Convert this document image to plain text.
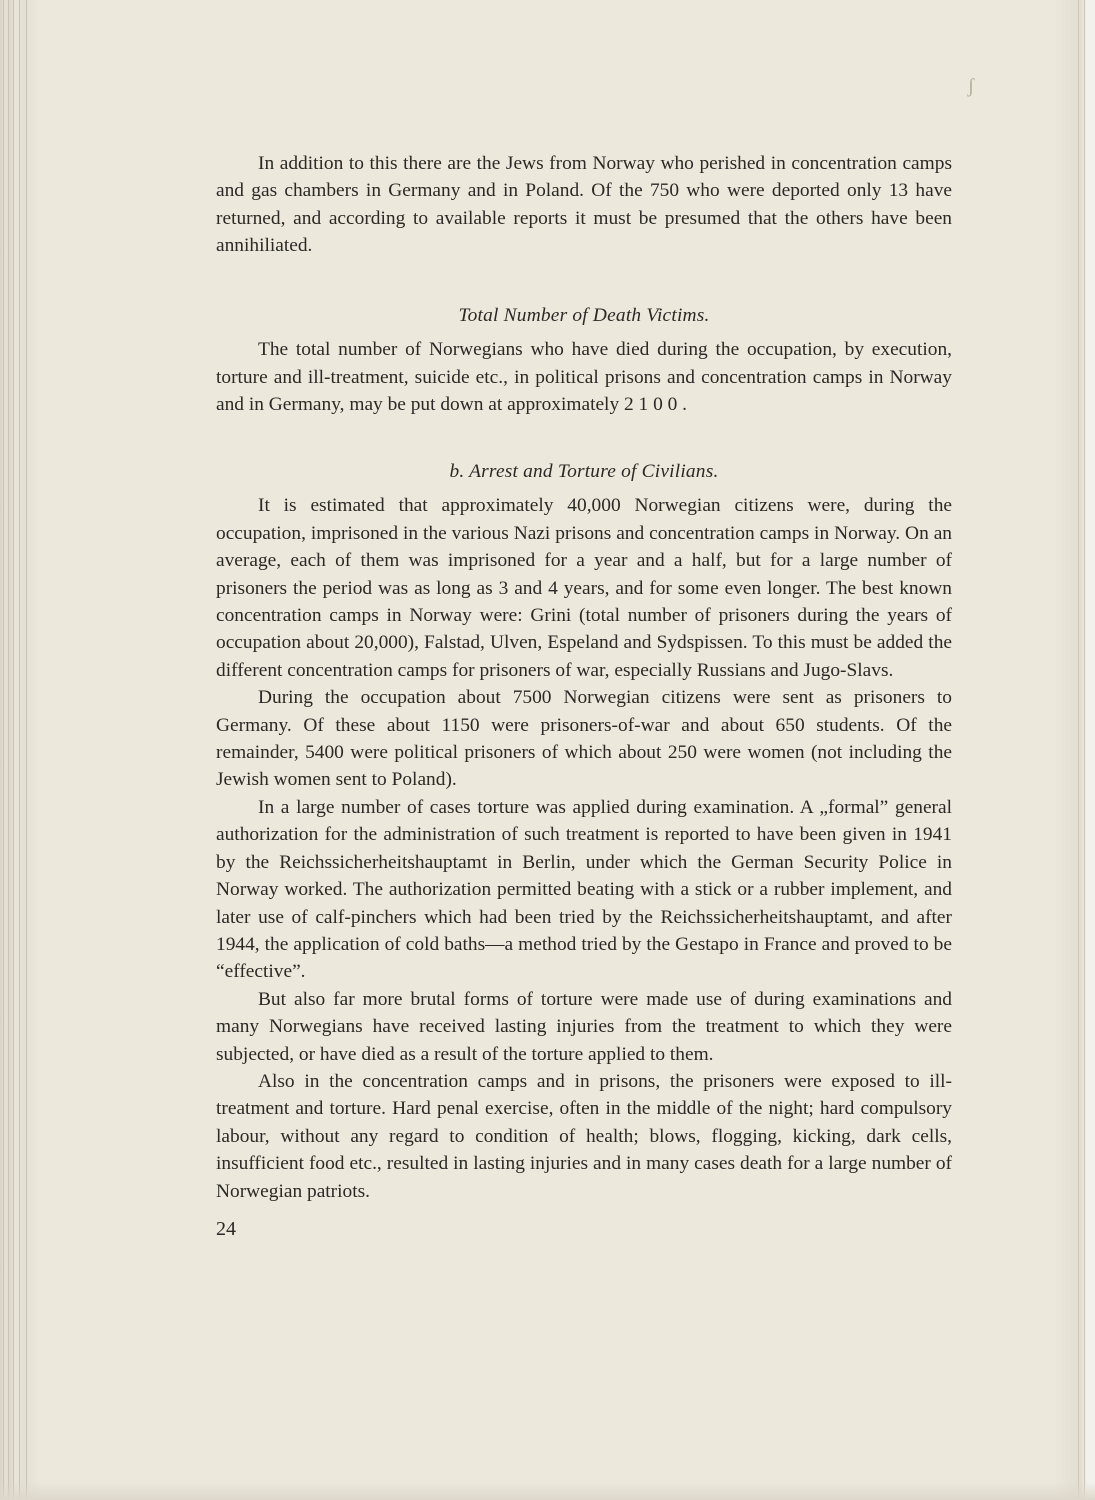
ʃ

In addition to this there are the Jews from Norway who perished in concentration camps and gas chambers in Germany and in Poland. Of the 750 who were deported only 13 have returned, and according to available reports it must be presumed that the others have been annihiliated.

Total Number of Death Victims.

The total number of Norwegians who have died during the occupation, by execution, torture and ill-treatment, suicide etc., in political prisons and concentration camps in Norway and in Germany, may be put down at approximately 2 1 0 0 .

b. Arrest and Torture of Civilians.

It is estimated that approximately 40,000 Norwegian citizens were, during the occupation, imprisoned in the various Nazi prisons and concentration camps in Norway. On an average, each of them was imprisoned for a year and a half, but for a large number of prisoners the period was as long as 3 and 4 years, and for some even longer. The best known concentration camps in Norway were: Grini (total number of prisoners during the years of occupation about 20,000), Falstad, Ulven, Espeland and Sydspissen. To this must be added the different concentration camps for prisoners of war, especially Russians and Jugo-Slavs.

During the occupation about 7500 Norwegian citizens were sent as prisoners to Germany. Of these about 1150 were prisoners-of-war and about 650 students. Of the remainder, 5400 were political prisoners of which about 250 were women (not including the Jewish women sent to Poland).

In a large number of cases torture was applied during examination. A „formal” general authorization for the administration of such treatment is reported to have been given in 1941 by the Reichssicherheitshauptamt in Berlin, under which the German Security Police in Norway worked. The authorization permitted beating with a stick or a rubber implement, and later use of calf-pinchers which had been tried by the Reichssicherheitshauptamt, and after 1944, the application of cold baths—a method tried by the Gestapo in France and proved to be “effective”.

But also far more brutal forms of torture were made use of during examinations and many Norwegians have received lasting injuries from the treatment to which they were subjected, or have died as a result of the torture applied to them.

Also in the concentration camps and in prisons, the prisoners were exposed to ill-treatment and torture. Hard penal exercise, often in the middle of the night; hard compulsory labour, without any regard to condition of health; blows, flogging, kicking, dark cells, insufficient food etc., resulted in lasting injuries and in many cases death for a large number of Norwegian patriots.

24
